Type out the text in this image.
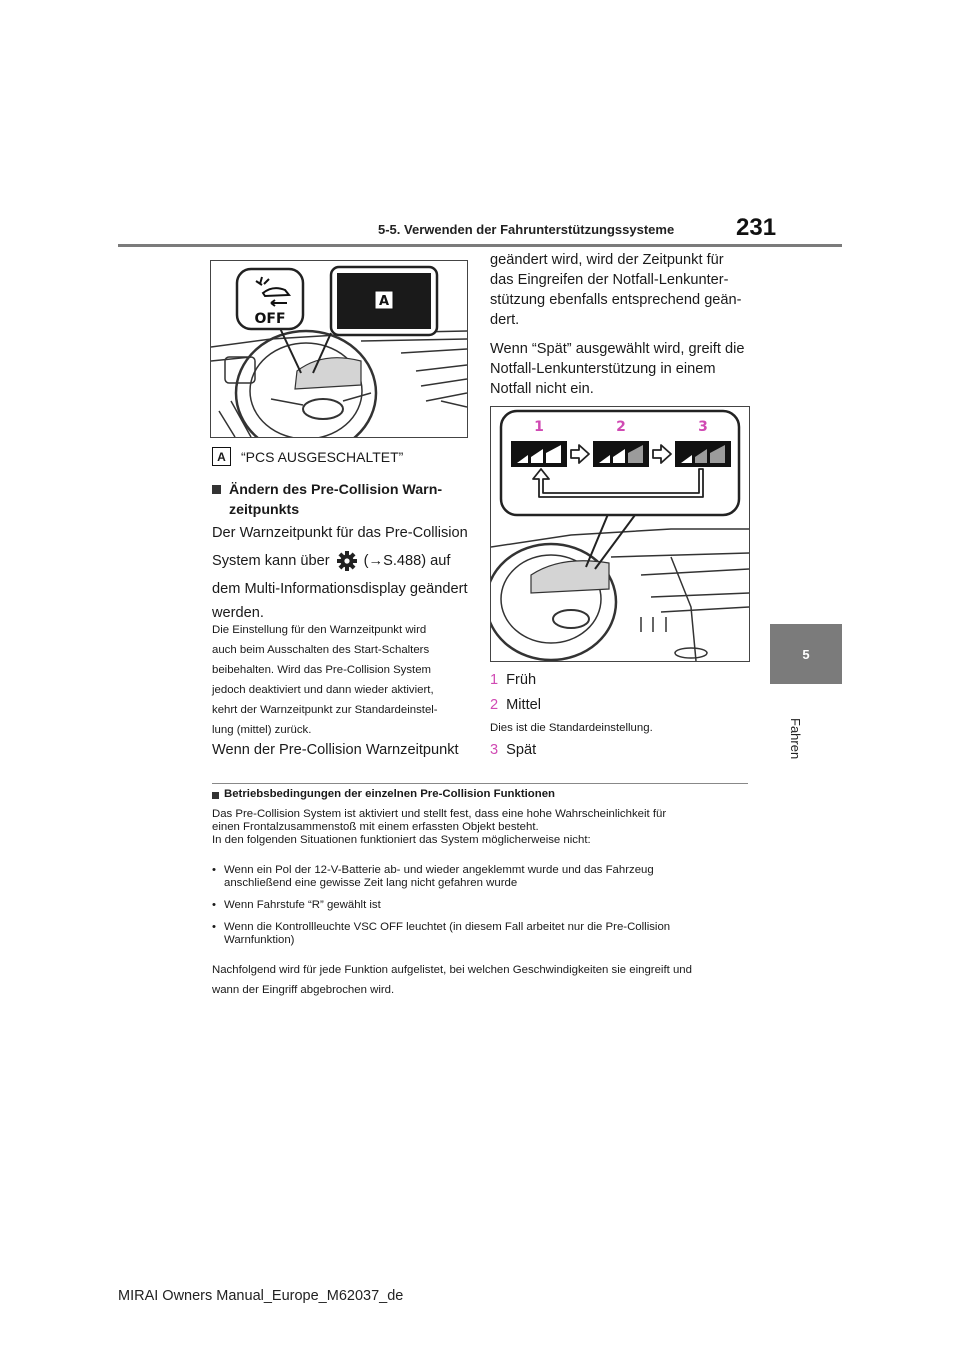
5-5. Verwenden der Fahrunterstützungssysteme	231
5
Fahren
OFF
A
A	“PCS AUSGESCHALTET”

Ändern des Pre-Collision Warn-
zeitpunkts

Der Warnzeitpunkt für das Pre-Collision

System kann über (→S.488) auf

dem Multi-Informationsdisplay geändert

werden.

Die Einstellung für den Warnzeitpunkt wird

auch beim Ausschalten des Start-Schalters

beibehalten. Wird das Pre-Collision System

jedoch deaktiviert und dann wieder aktiviert,

kehrt der Warnzeitpunkt zur Standardeinstel-

lung (mittel) zurück.

Wenn der Pre-Collision Warnzeitpunkt

geändert wird, wird der Zeitpunkt für

das Eingreifen der Notfall-Lenkunter-

stützung ebenfalls entsprechend geän-

dert.

Wenn “Spät” ausgewählt wird, greift die

Notfall-Lenkunterstützung in einem

Notfall nicht ein.

1	2	3

1 Früh

2 Mittel

Dies ist die Standardeinstellung.

3 Spät

Betriebsbedingungen der einzelnen Pre-Collision Funktionen

Das Pre-Collision System ist aktiviert und stellt fest, dass eine hohe Wahrscheinlichkeit für

einen Frontalzusammenstoß mit einem erfassten Objekt besteht.

In den folgenden Situationen funktioniert das System möglicherweise nicht:

• Wenn ein Pol der 12-V-Batterie ab- und wieder angeklemmt wurde und das Fahrzeug

anschließend eine gewisse Zeit lang nicht gefahren wurde

• Wenn Fahrstufe “R” gewählt ist

• Wenn die Kontrollleuchte VSC OFF leuchtet (in diesem Fall arbeitet nur die Pre-Collision

Warnfunktion)

Nachfolgend wird für jede Funktion aufgelistet, bei welchen Geschwindigkeiten sie eingreift und

wann der Eingriff abgebrochen wird.

MIRAI Owners Manual_Europe_M62037_de
